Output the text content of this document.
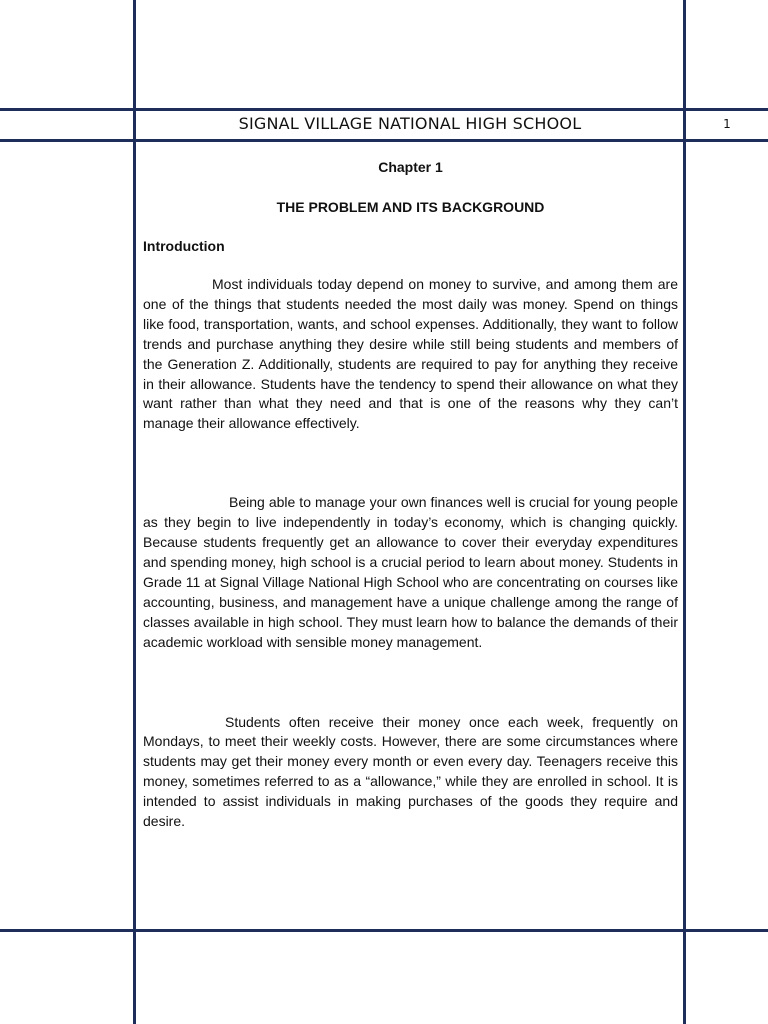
SIGNAL VILLAGE NATIONAL HIGH SCHOOL	1

Chapter 1

THE PROBLEM AND ITS BACKGROUND

Introduction

Most individuals today depend on money to survive, and among them are one of the things that students needed the most daily was money. Spend on things like food, transportation, wants, and school expenses. Additionally, they want to follow trends and purchase anything they desire while still being students and members of the Generation Z. Additionally, students are required to pay for anything they receive in their allowance. Students have the tendency to spend their allowance on what they want rather than what they need and that is one of the reasons why they can’t manage their allowance effectively.

Being able to manage your own finances well is crucial for young people as they begin to live independently in today’s economy, which is changing quickly. Because students frequently get an allowance to cover their everyday expenditures and spending money, high school is a crucial period to learn about money. Students in Grade 11 at Signal Village National High School who are concentrating on courses like accounting, business, and management have a unique challenge among the range of classes available in high school. They must learn how to balance the demands of their academic workload with sensible money management.

Students often receive their money once each week, frequently on Mondays, to meet their weekly costs. However, there are some circumstances where students may get their money every month or even every day. Teenagers receive this money, sometimes referred to as a “allowance,” while they are enrolled in school. It is intended to assist individuals in making purchases of the goods they require and desire.
